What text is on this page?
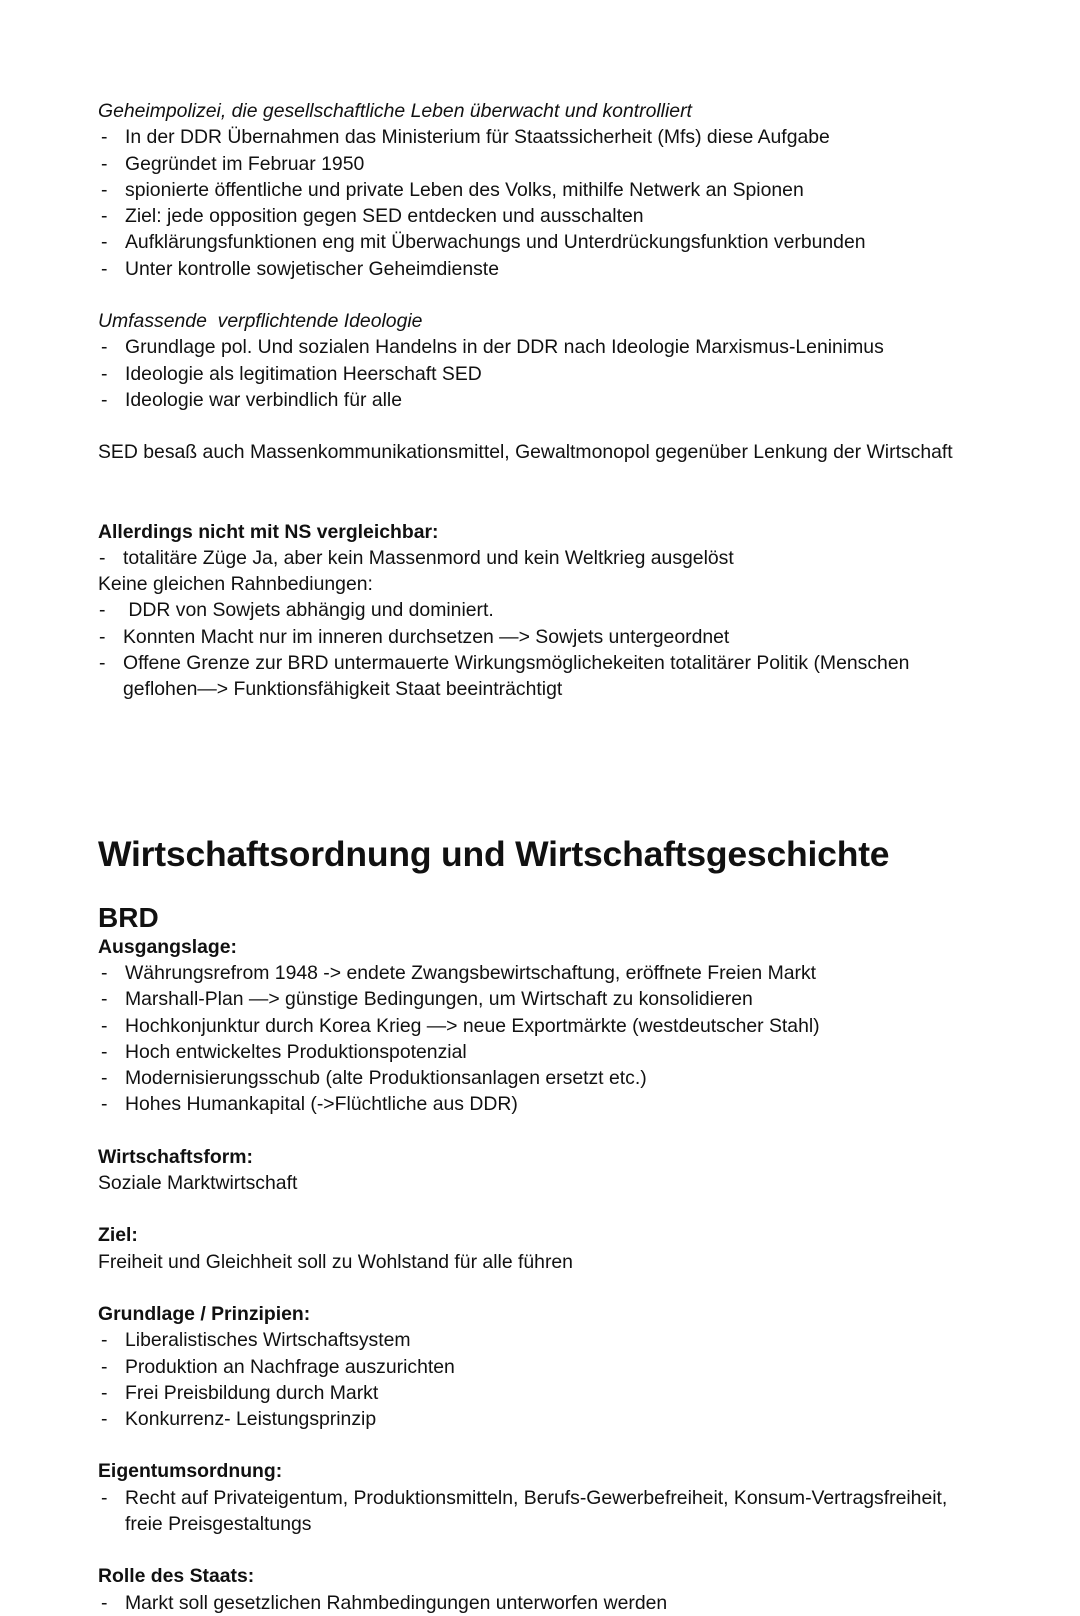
Geheimpolizei, die gesellschaftliche Leben überwacht und kontrolliert
- In der DDR Übernahmen das Ministerium für Staatssicherheit (Mfs) diese Aufgabe
- Gegründet im Februar 1950
- spionierte öffentliche und private Leben des Volks, mithilfe Netwerk an Spionen
- Ziel: jede opposition gegen SED entdecken und ausschalten
- Aufklärungsfunktionen eng mit Überwachungs und Unterdrückungsfunktion verbunden
- Unter kontrolle sowjetischer Geheimdienste
Umfassende  verpflichtende Ideologie
- Grundlage pol. Und sozialen Handelns in der DDR nach Ideologie Marxismus-Leninimus
- Ideologie als legitimation Heerschaft SED
- Ideologie war verbindlich für alle
SED besaß auch Massenkommunikationsmittel, Gewaltmonopol gegenüber Lenkung der Wirtschaft
Allerdings nicht mit NS vergleichbar:
- totalitäre Züge Ja, aber kein Massenmord und kein Weltkrieg ausgelöst
Keine gleichen Rahnbediungen:
-  DDR von Sowjets abhängig und dominiert.
- Konnten Macht nur im inneren durchsetzen —> Sowjets untergeordnet
- Offene Grenze zur BRD untermauerte Wirkungsmöglichekeiten totalitärer Politik (Menschen geflohen—> Funktionsfähigkeit Staat beeinträchtigt
Wirtschaftsordnung und Wirtschaftsgeschichte
BRD
Ausgangslage:
- Währungsrefrom 1948 -> endete Zwangsbewirtschaftung, eröffnete Freien Markt
- Marshall-Plan —> günstige Bedingungen, um Wirtschaft zu konsolidieren
- Hochkonjunktur durch Korea Krieg —> neue Exportmärkte (westdeutscher Stahl)
- Hoch entwickeltes Produktionspotenzial
- Modernisierungsschub (alte Produktionsanlagen ersetzt etc.)
- Hohes Humankapital (->Flüchtliche aus DDR)
Wirtschaftsform:
Soziale Marktwirtschaft
Ziel:
Freiheit und Gleichheit soll zu Wohlstand für alle führen
Grundlage / Prinzipien:
- Liberalistisches Wirtschaftsystem
- Produktion an Nachfrage auszurichten
- Frei Preisbildung durch Markt
- Konkurrenz- Leistungsprinzip
Eigentumsordnung:
- Recht auf Privateigentum, Produktionsmitteln, Berufs-Gewerbefreiheit, Konsum-Vertragsfreiheit, freie Preisgestaltungs
Rolle des Staats:
- Markt soll gesetzlichen Rahmbedingungen unterworfen werden
